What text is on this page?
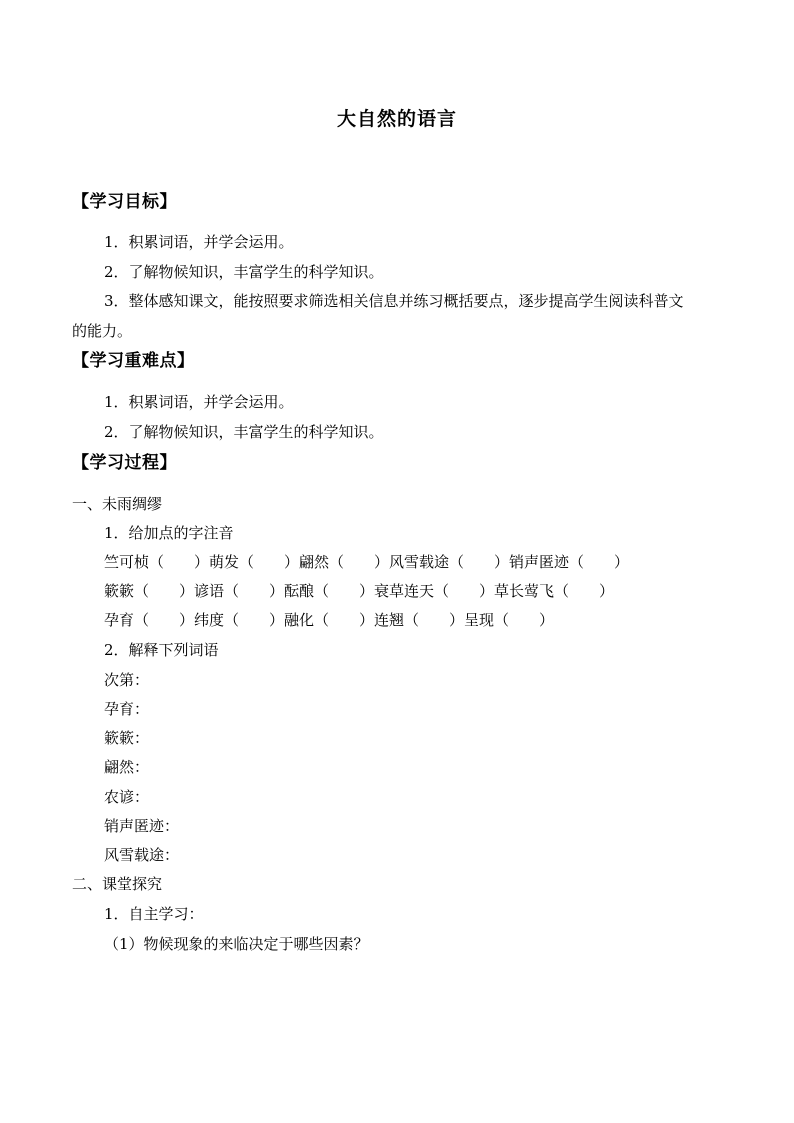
大自然的语言
【学习目标】
1．积累词语，并学会运用。
2．了解物候知识，丰富学生的科学知识。
3．整体感知课文，能按照要求筛选相关信息并练习概括要点，逐步提高学生阅读科普文
的能力。
【学习重难点】
1．积累词语，并学会运用。
2．了解物候知识，丰富学生的科学知识。
【学习过程】
一、未雨绸缪
1．给加点的字注音
竺可桢（　　）萌发（　　）翩然（　　）风雪载途（　　）销声匿迹（　　）
簌簌（　　）谚语（　　）酝酿（　　）衰草连天（　　）草长莺飞（　　）
孕育（　　）纬度（　　）融化（　　）连翘（　　）呈现（　　）
2．解释下列词语
次第：
孕育：
簌簌：
翩然：
农谚：
销声匿迹：
风雪载途：
二、课堂探究
1．自主学习：
（1）物候现象的来临决定于哪些因素？
